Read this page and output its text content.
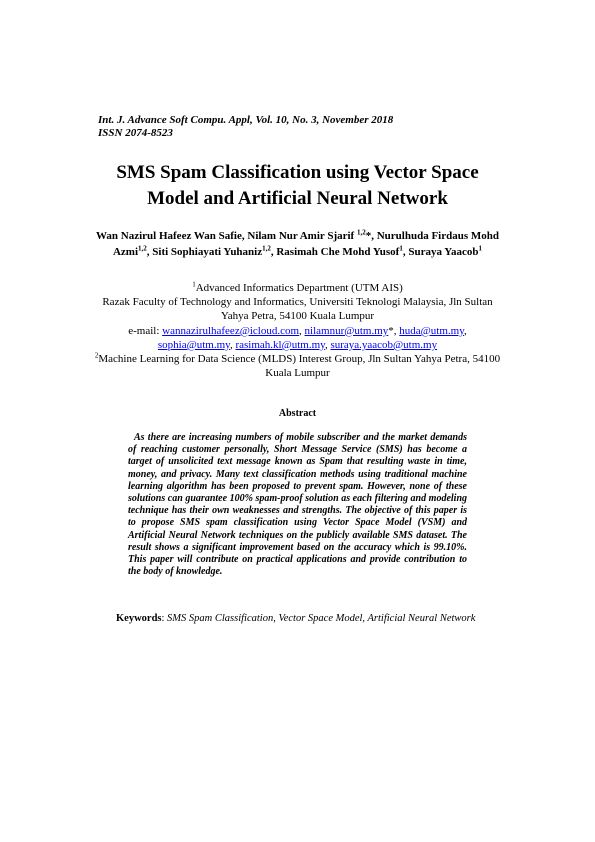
Int. J. Advance Soft Compu. Appl, Vol. 10, No. 3, November 2018
ISSN 2074-8523
SMS Spam Classification using Vector Space
Model and Artificial Neural Network
Wan Nazirul Hafeez Wan Safie, Nilam Nur Amir Sjarif $^{1,2}$*, Nurulhuda Firdaus Mohd Azmi$^{1,2}$, Siti Sophiayati Yuhaniz$^{1,2}$, Rasimah Che Mohd Yusof$^1$, Suraya Yaacob$^1$
$^1$Advanced Informatics Department (UTM AIS)
Razak Faculty of Technology and Informatics, Universiti Teknologi Malaysia, Jln Sultan Yahya Petra, 54100 Kuala Lumpur
e-mail: wannazirulhafeez@icloud.com, nilamnur@utm.my*, huda@utm.my, sophia@utm.my, rasimah.kl@utm.my, suraya.yaacob@utm.my
$^2$Machine Learning for Data Science (MLDS) Interest Group, Jln Sultan Yahya Petra, 54100 Kuala Lumpur
Abstract
As there are increasing numbers of mobile subscriber and the market demands of reaching customer personally, Short Message Service (SMS) has become a target of unsolicited text message known as Spam that resulting waste in time, money, and privacy. Many text classification methods using traditional machine learning algorithm has been proposed to prevent spam. However, none of these solutions can guarantee 100% spam-proof solution as each filtering and modeling technique has their own weaknesses and strengths. The objective of this paper is to propose SMS spam classification using Vector Space Model (VSM) and Artificial Neural Network techniques on the publicly available SMS dataset. The result shows a significant improvement based on the accuracy which is 99.10%. This paper will contribute on practical applications and provide contribution to the body of knowledge.
Keywords: SMS Spam Classification, Vector Space Model, Artificial Neural Network
